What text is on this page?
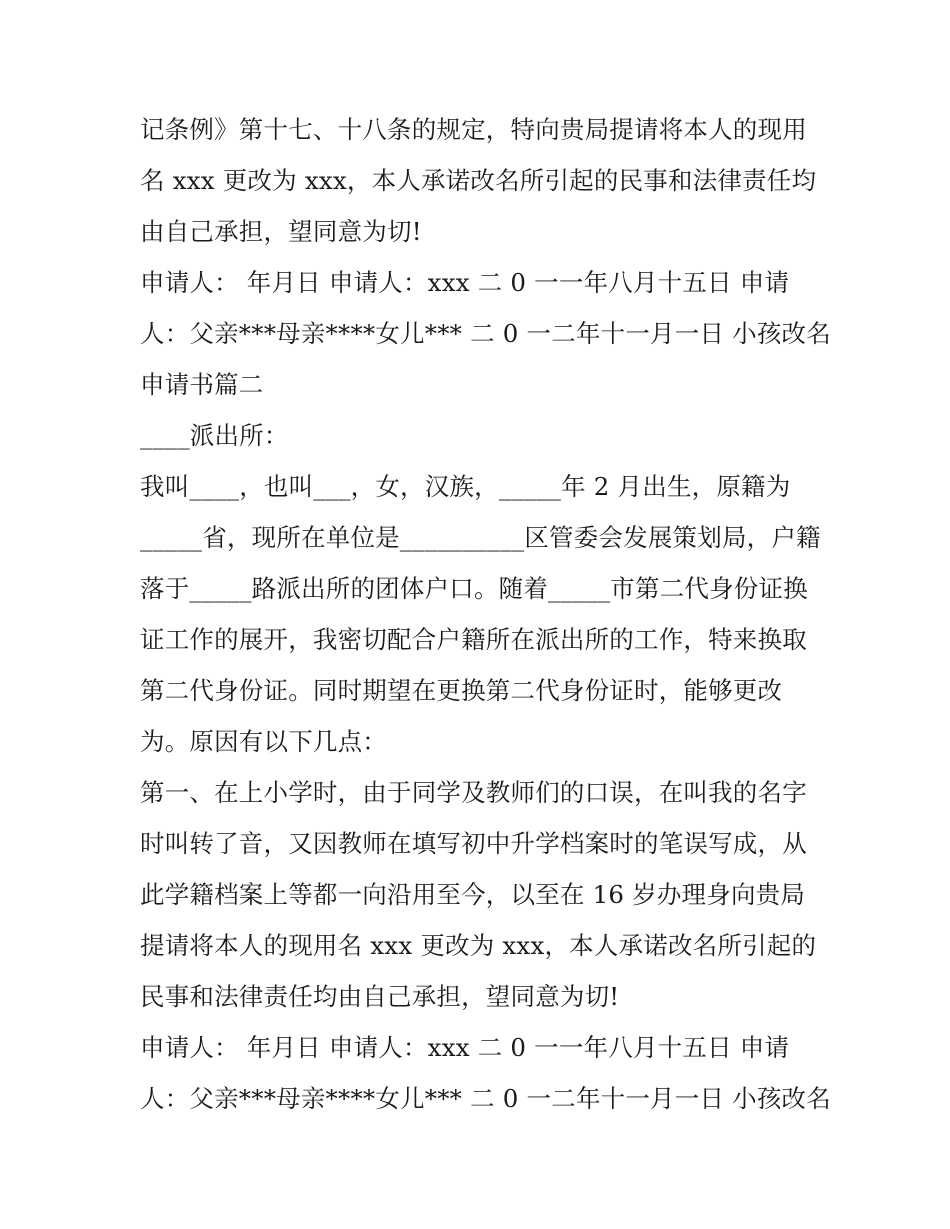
记条例》第十七、十八条的规定，特向贵局提请将本人的现用
名 xxx 更改为 xxx，本人承诺改名所引起的民事和法律责任均
由自己承担，望同意为切!
申请人： 年月日 申请人：xxx 二 0 一一年八月十五日 申请
人：父亲***母亲****女儿*** 二 0 一二年十一月一日 小孩改名
申请书篇二
____派出所：
我叫____，也叫___，女，汉族，_____年 2 月出生，原籍为
_____省，现所在单位是__________区管委会发展策划局，户籍
落于_____路派出所的团体户口。随着_____市第二代身份证换
证工作的展开，我密切配合户籍所在派出所的工作，特来换取
第二代身份证。同时期望在更换第二代身份证时，能够更改
为。原因有以下几点：
第一、在上小学时，由于同学及教师们的口误，在叫我的名字
时叫转了音，又因教师在填写初中升学档案时的笔误写成，从
此学籍档案上等都一向沿用至今，以至在 16 岁办理身向贵局
提请将本人的现用名 xxx 更改为 xxx，本人承诺改名所引起的
民事和法律责任均由自己承担，望同意为切!
申请人： 年月日 申请人：xxx 二 0 一一年八月十五日 申请
人：父亲***母亲****女儿*** 二 0 一二年十一月一日 小孩改名
